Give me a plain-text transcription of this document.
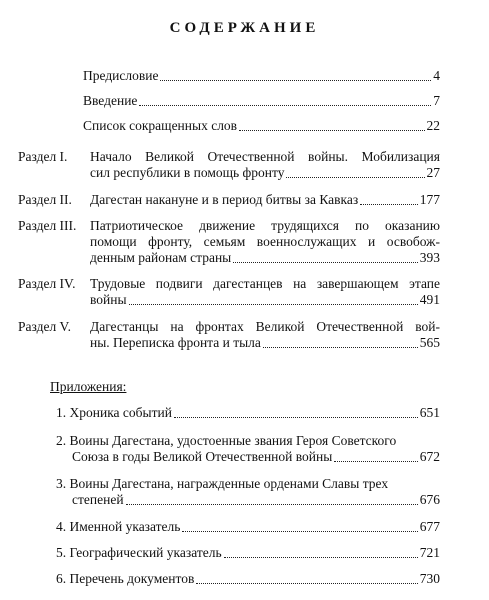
СОДЕРЖАНИЕ
Предисловие	4
Введение	7
Список сокращенных слов	22
Раздел I. Начало Великой Отечественной войны. Мобилизация
сил республики в помощь фронту	27
Раздел II. Дагестан накануне и в период битвы за Кавказ	177
Раздел III. Патриотическое движение трудящихся по оказанию
помощи фронту, семьям военнослужащих и освобож-
денным районам страны	393
Раздел IV. Трудовые подвиги дагестанцев на завершающем этапе
войны	491
Раздел V. Дагестанцы на фронтах Великой Отечественной вой-
ны. Переписка фронта и тыла	565
Приложения:
1. Хроника событий	651
2. Воины Дагестана, удостоенные звания Героя Советского
Союза в годы Великой Отечественной войны	672
3. Воины Дагестана, награжденные орденами Славы трех
степеней	676
4. Именной указатель	677
5. Географический указатель	721
6. Перечень документов	730
